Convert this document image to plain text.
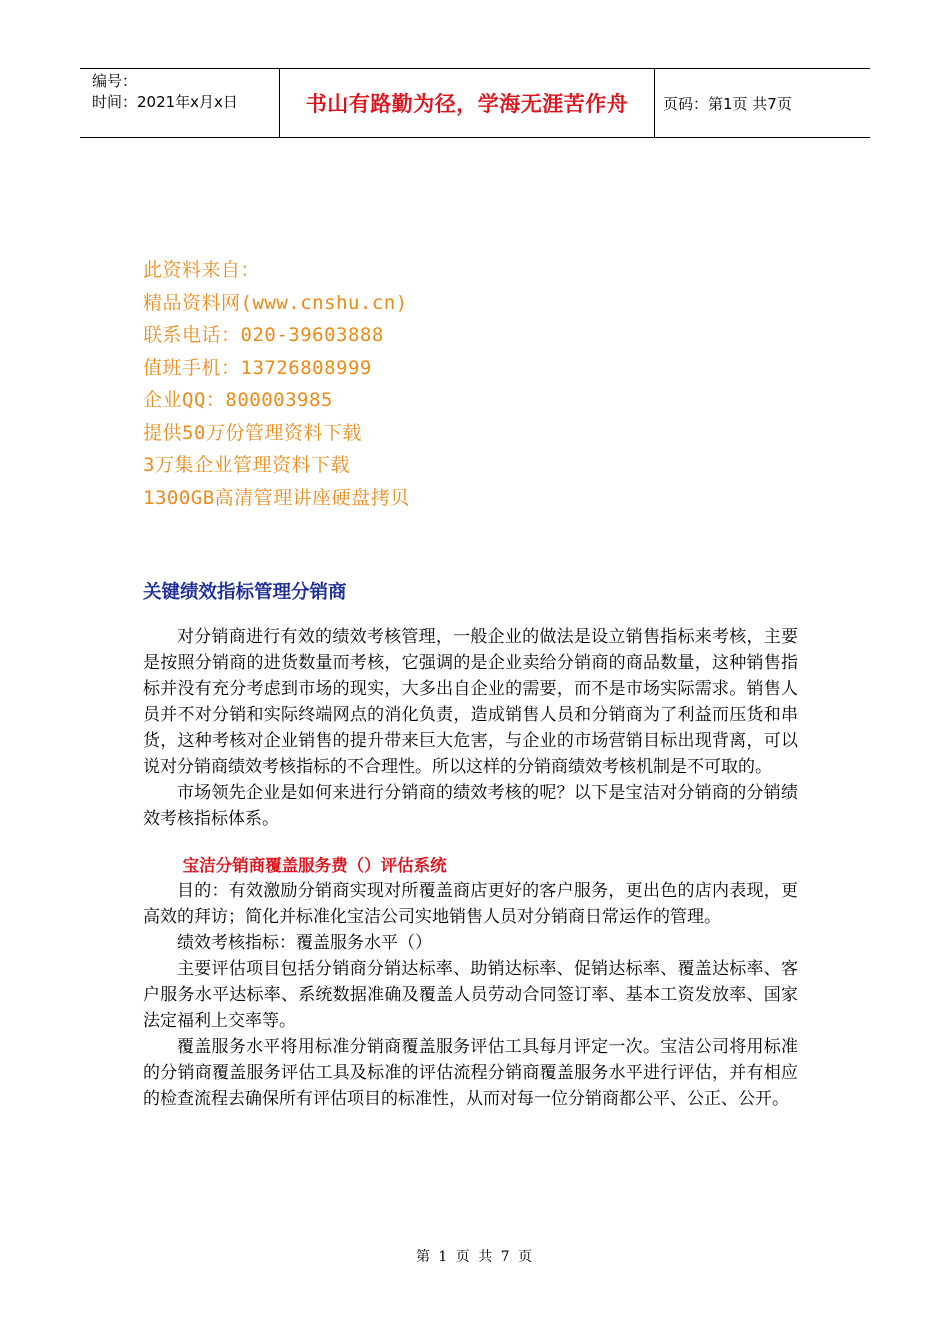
编号：
时间：2021年x月x日	书山有路勤为径，学海无涯苦作舟 页码：第1页 共7页
此资料来自：
精品资料网(www.cnshu.cn)
联系电话：020-39603888
值班手机：13726808999
企业QQ：800003985
提供50万份管理资料下载
3万集企业管理资料下载
1300GB高清管理讲座硬盘拷贝
关键绩效指标管理分销商

对分销商进行有效的绩效考核管理，一般企业的做法是设立销售指标来考核，主要是按照分销商的进货数量而考核，它强调的是企业卖给分销商的商品数量，这种销售指标并没有充分考虑到市场的现实，大多出自企业的需要，而不是市场实际需求。销售人员并不对分销和实际终端网点的消化负责，造成销售人员和分销商为了利益而压货和串货，这种考核对企业销售的提升带来巨大危害，与企业的市场营销目标出现背离，可以说对分销商绩效考核指标的不合理性。所以这样的分销商绩效考核机制是不可取的。

市场领先企业是如何来进行分销商的绩效考核的呢？以下是宝洁对分销商的分销绩效考核指标体系。

宝洁分销商覆盖服务费（）评估系统

目的：有效激励分销商实现对所覆盖商店更好的客户服务，更出色的店内表现，更高效的拜访；简化并标准化宝洁公司实地销售人员对分销商日常运作的管理。

绩效考核指标：覆盖服务水平（）

主要评估项目包括分销商分销达标率、助销达标率、促销达标率、覆盖达标率、客户服务水平达标率、系统数据准确及覆盖人员劳动合同签订率、基本工资发放率、国家法定福利上交率等。

覆盖服务水平将用标准分销商覆盖服务评估工具每月评定一次。宝洁公司将用标准的分销商覆盖服务评估工具及标准的评估流程分销商覆盖服务水平进行评估，并有相应的检查流程去确保所有评估项目的标准性，从而对每一位分销商都公平、公正、公开。

第 1 页 共 7 页
